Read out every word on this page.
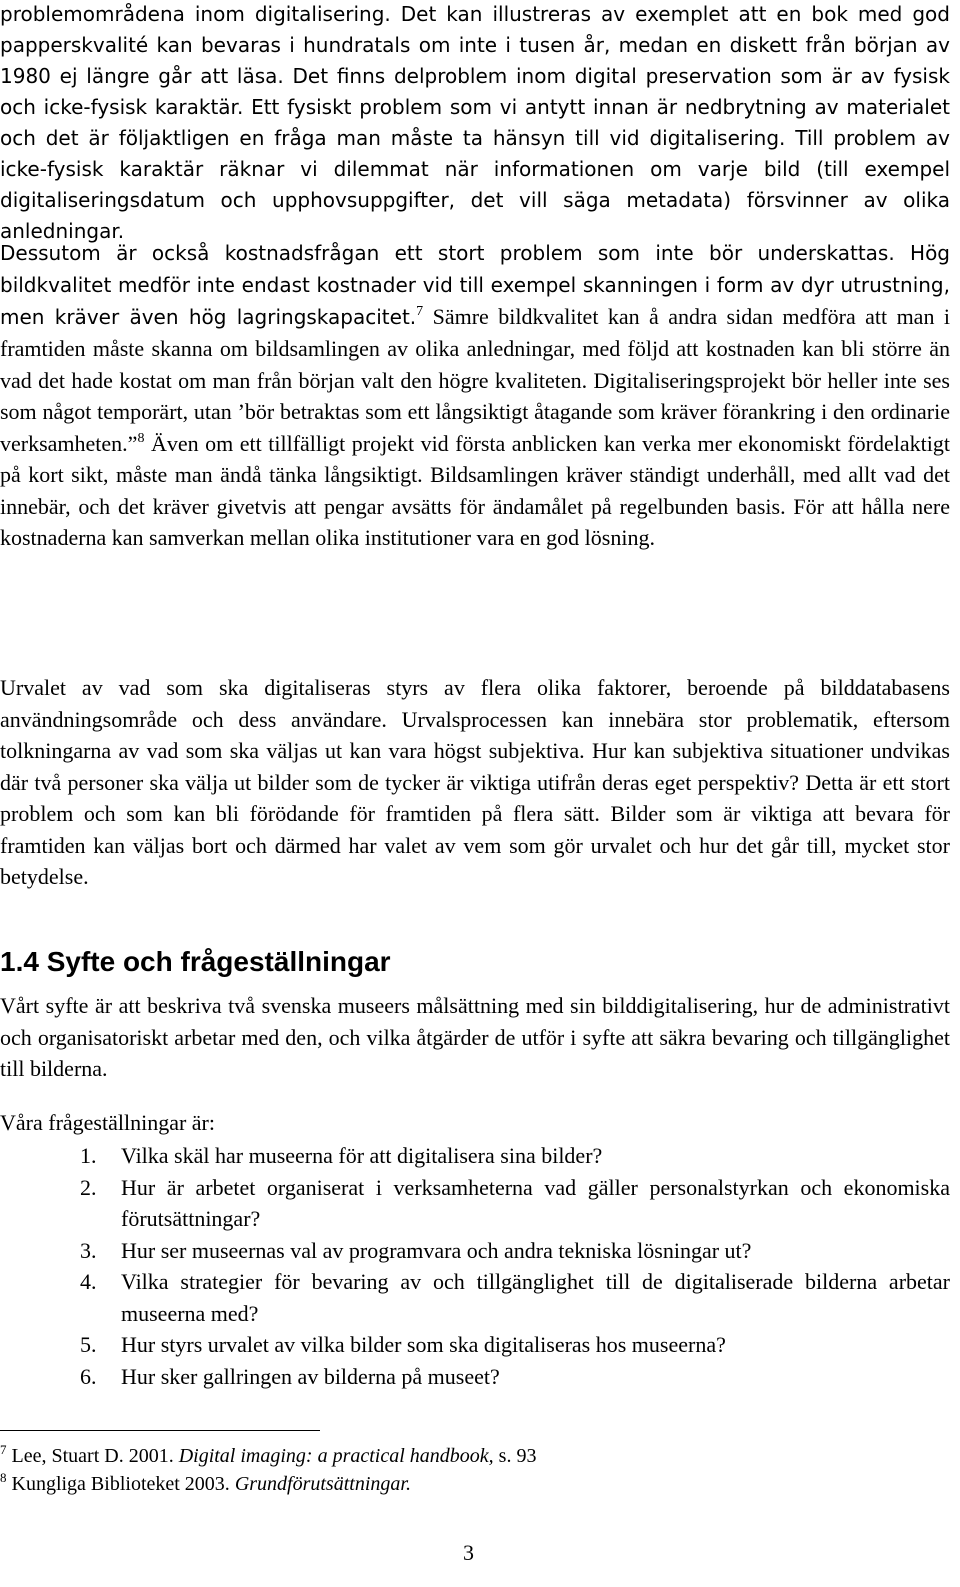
problemområdena inom digitalisering. Det kan illustreras av exemplet att en bok med god papperskvalité kan bevaras i hundratals om inte i tusen år, medan en diskett från början av 1980 ej längre går att läsa. Det finns delproblem inom digital preservation som är av fysisk och icke-fysisk karaktär. Ett fysiskt problem som vi antytt innan är nedbrytning av materialet och det är följaktligen en fråga man måste ta hänsyn till vid digitalisering. Till problem av icke-fysisk karaktär räknar vi dilemmat när informationen om varje bild (till exempel digitaliseringsdatum och upphovsuppgifter, det vill säga metadata) försvinner av olika anledningar.

Dessutom är också kostnadsfrågan ett stort problem som inte bör underskattas. Hög bildkvalitet medför inte endast kostnader vid till exempel skanningen i form av dyr utrustning, men kräver även hög lagringskapacitet.$^7$ Sämre bildkvalitet kan å andra sidan medföra att man i framtiden måste skanna om bildsamlingen av olika anledningar, med följd att kostnaden kan bli större än vad det hade kostat om man från början valt den högre kvaliteten. Digitaliseringsprojekt bör heller inte ses som något temporärt, utan ’bör betraktas som ett långsiktigt åtagande som kräver förankring i den ordinarie verksamheten.”$^8$ Även om ett tillfälligt projekt vid första anblicken kan verka mer ekonomiskt fördelaktigt på kort sikt, måste man ändå tänka långsiktigt. Bildsamlingen kräver ständigt underhåll, med allt vad det innebär, och det kräver givetvis att pengar avsätts för ändamålet på regelbunden basis. För att hålla nere kostnaderna kan samverkan mellan olika institutioner vara en god lösning.

Urvalet av vad som ska digitaliseras styrs av flera olika faktorer, beroende på bilddatabasens användningsområde och dess användare. Urvalsprocessen kan innebära stor problematik, eftersom tolkningarna av vad som ska väljas ut kan vara högst subjektiva. Hur kan subjektiva situationer undvikas där två personer ska välja ut bilder som de tycker är viktiga utifrån deras eget perspektiv? Detta är ett stort problem och som kan bli förödande för framtiden på flera sätt. Bilder som är viktiga att bevara för framtiden kan väljas bort och därmed har valet av vem som gör urvalet och hur det går till, mycket stor betydelse.

1.4 Syfte och frågeställningar

Vårt syfte är att beskriva två svenska museers målsättning med sin bilddigitalisering, hur de administrativt och organisatoriskt arbetar med den, och vilka åtgärder de utför i syfte att säkra bevaring och tillgänglighet till bilderna.

Våra frågeställningar är:

1. Vilka skäl har museerna för att digitalisera sina bilder?
2. Hur är arbetet organiserat i verksamheterna vad gäller personalstyrkan och ekonomiska förutsättningar?
3. Hur ser museernas val av programvara och andra tekniska lösningar ut?
4. Vilka strategier för bevaring av och tillgänglighet till de digitaliserade bilderna arbetar museerna med?
5. Hur styrs urvalet av vilka bilder som ska digitaliseras hos museerna?
6. Hur sker gallringen av bilderna på museet?
$^7$ Lee, Stuart D. 2001. Digital imaging: a practical handbook, s. 93
$^8$ Kungliga Biblioteket 2003. Grundförutsättningar.
3
